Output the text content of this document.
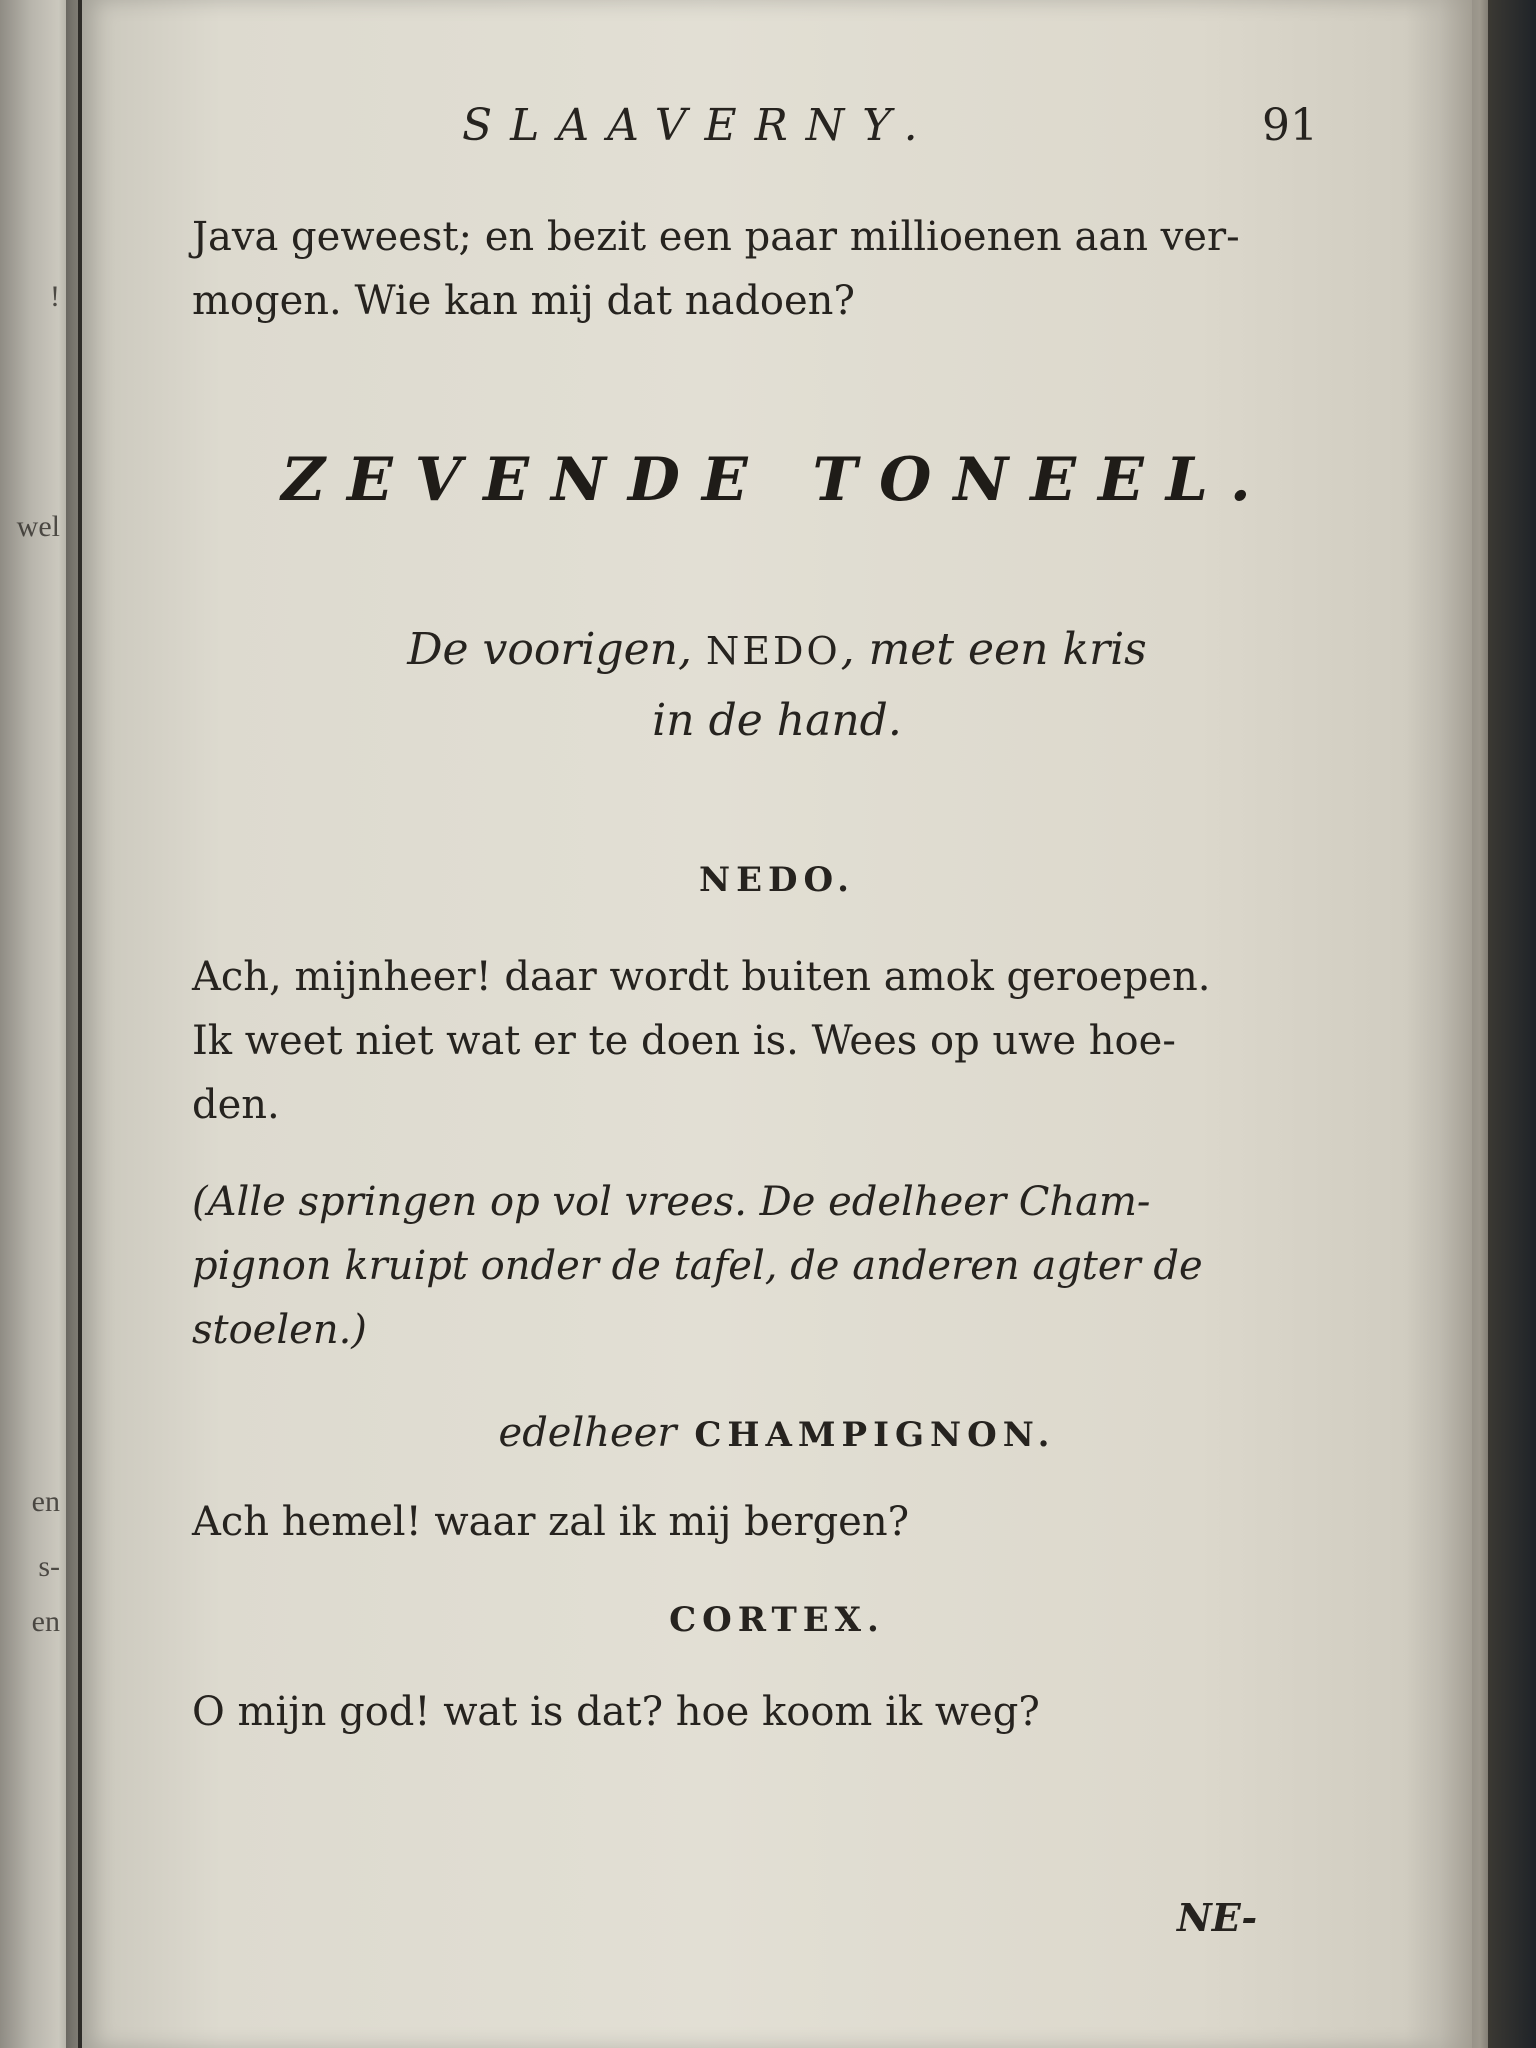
!
wel
en
s-
en
SLAAVERNY.	91

Java geweest; en bezit een paar millioenen aan ver-
mogen. Wie kan mij dat nadoen?

ZEVENDE TONEEL.
De voorigen, NEDO, met een kris
in de hand.
NEDO.

Ach, mijnheer! daar wordt buiten amok geroepen.
Ik weet niet wat er te doen is. Wees op uwe hoe-
den.

(Alle springen op vol vrees. De edelheer Cham-
pignon kruipt onder de tafel, de anderen agter de
stoelen.)

edelheer CHAMPIGNON.

Ach hemel! waar zal ik mij bergen?

CORTEX.

O mijn god! wat is dat? hoe koom ik weg?

NE-
